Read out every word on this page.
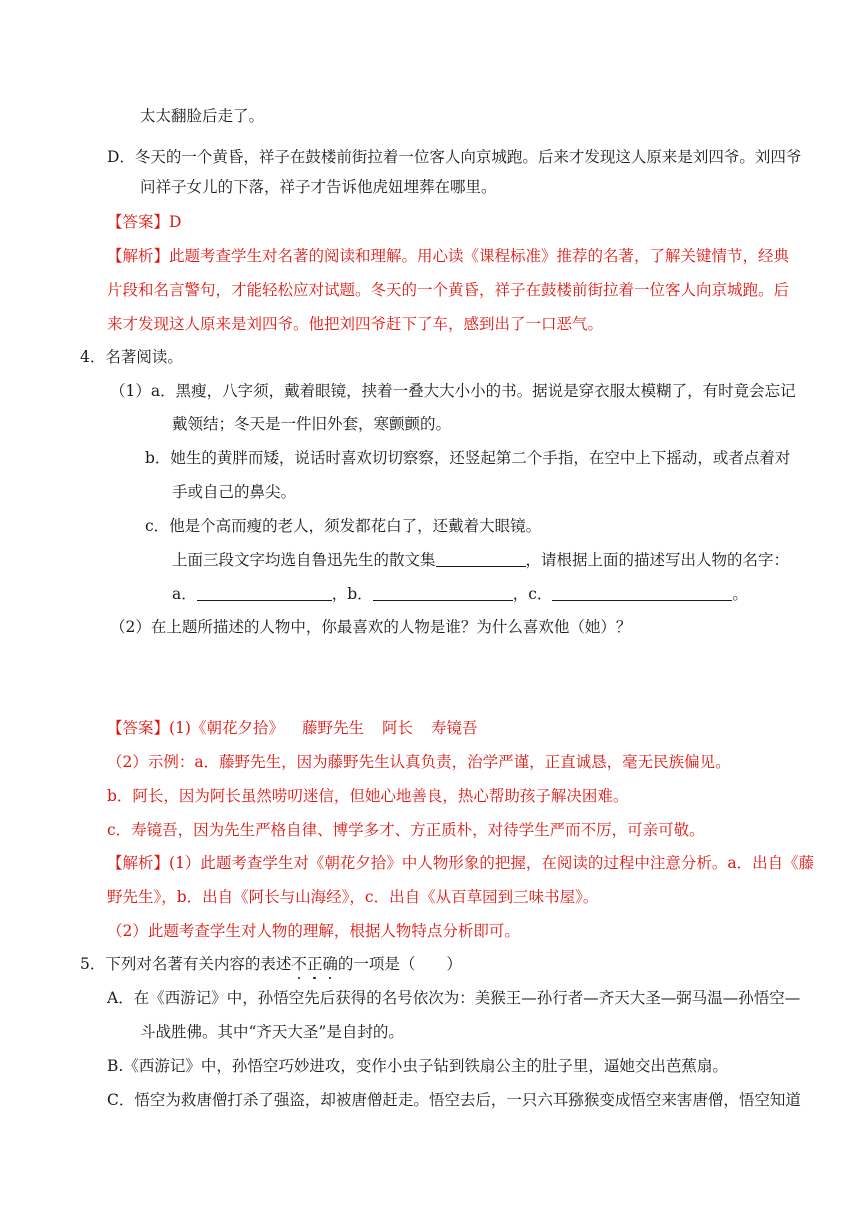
太太翻脸后走了。
D．冬天的一个黄昏，祥子在鼓楼前街拉着一位客人向京城跑。后来才发现这人原来是刘四爷。刘四爷
问祥子女儿的下落，祥子才告诉他虎妞埋葬在哪里。
【答案】D
【解析】此题考查学生对名著的阅读和理解。用心读《课程标准》推荐的名著，了解关键情节，经典
片段和名言警句，才能轻松应对试题。冬天的一个黄昏，祥子在鼓楼前街拉着一位客人向京城跑。后
来才发现这人原来是刘四爷。他把刘四爷赶下了车，感到出了一口恶气。
4．名著阅读。
（1）a．黑瘦，八字须，戴着眼镜，挟着一叠大大小小的书。据说是穿衣服太模糊了，有时竟会忘记
戴领结；冬天是一件旧外套，寒颤颤的。
b．她生的黄胖而矮，说话时喜欢切切察察，还竖起第二个手指，在空中上下摇动，或者点着对
手或自己的鼻尖。
c．他是个高而瘦的老人，须发都花白了，还戴着大眼镜。
上面三段文字均选自鲁迅先生的散文集	，请根据上面的描述写出人物的名字：
a．	，b．	，c．	。
（2）在上题所描述的人物中，你最喜欢的人物是谁？为什么喜欢他（她）？
【答案】(1)《朝花夕拾》 藤野先生 阿长 寿镜吾
（2）示例：a．藤野先生，因为藤野先生认真负责，治学严谨，正直诚恳，毫无民族偏见。
b．阿长，因为阿长虽然唠叨迷信，但她心地善良，热心帮助孩子解决困难。
c．寿镜吾，因为先生严格自律、博学多才、方正质朴，对待学生严而不厉，可亲可敬。
【解析】(1）此题考查学生对《朝花夕拾》中人物形象的把握，在阅读的过程中注意分析。a．出自《藤
野先生》，b．出自《阿长与山海经》，c．出自《从百草园到三味书屋》。
（2）此题考查学生对人物的理解，根据人物特点分析即可。
5．下列对名著有关内容的表述不正确的一项是（　　）
A．在《西游记》中，孙悟空先后获得的名号依次为：美猴王—孙行者—齐天大圣—弼马温—孙悟空—
斗战胜佛。其中“齐天大圣”是自封的。
B.《西游记》中，孙悟空巧妙进攻，变作小虫子钻到铁扇公主的肚子里，逼她交出芭蕉扇。
C．悟空为救唐僧打杀了强盗，却被唐僧赶走。悟空去后，一只六耳猕猴变成悟空来害唐僧，悟空知道
